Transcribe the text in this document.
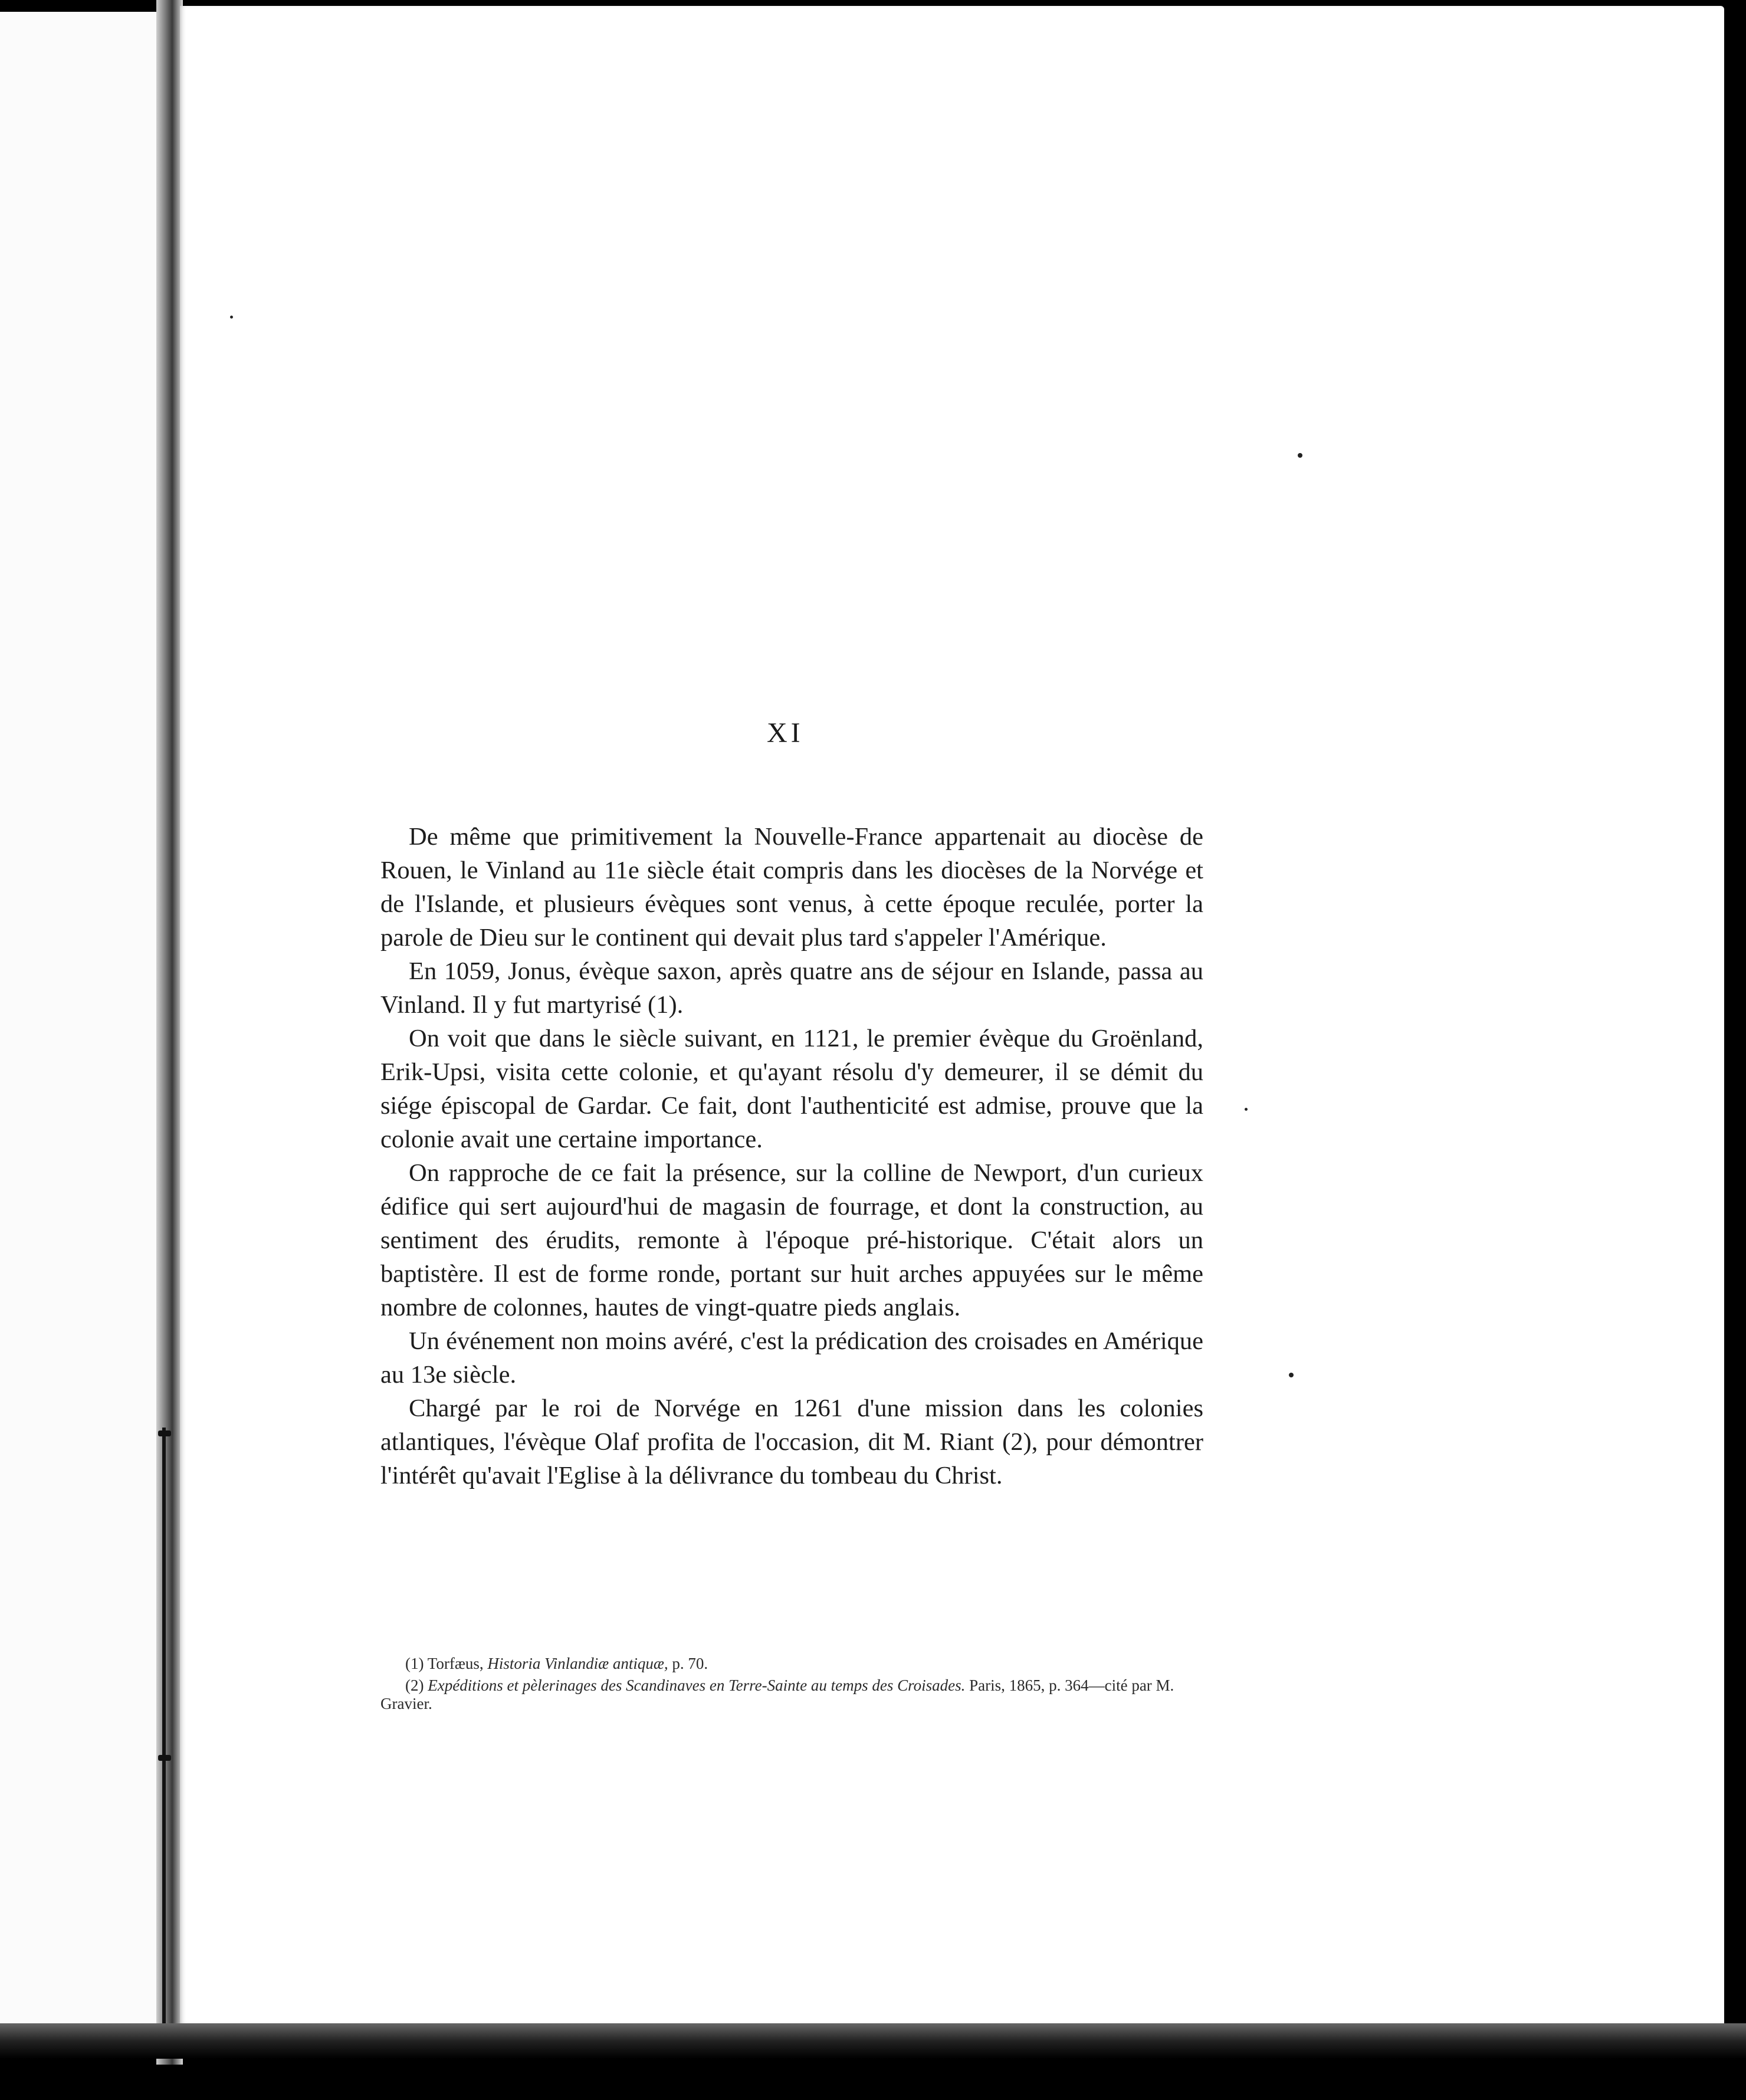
XI

De même que primitivement la Nouvelle-France appartenait au diocèse de Rouen, le Vinland au 11e siècle était compris dans les diocèses de la Norvége et de l'Islande, et plusieurs évèques sont venus, à cette époque reculée, porter la parole de Dieu sur le continent qui devait plus tard s'appeler l'Amérique.

En 1059, Jonus, évèque saxon, après quatre ans de séjour en Islande, passa au Vinland. Il y fut martyrisé (1).

On voit que dans le siècle suivant, en 1121, le premier évèque du Groënland, Erik-Upsi, visita cette colonie, et qu'ayant résolu d'y demeurer, il se démit du siége épiscopal de Gardar. Ce fait, dont l'authenticité est admise, prouve que la colonie avait une certaine importance.

On rapproche de ce fait la présence, sur la colline de Newport, d'un curieux édifice qui sert aujourd'hui de magasin de fourrage, et dont la construction, au sentiment des érudits, remonte à l'époque pré-historique. C'était alors un baptistère. Il est de forme ronde, portant sur huit arches appuyées sur le même nombre de colonnes, hautes de vingt-quatre pieds anglais.

Un événement non moins avéré, c'est la prédication des croisades en Amérique au 13e siècle.

Chargé par le roi de Norvége en 1261 d'une mission dans les colonies atlantiques, l'évèque Olaf profita de l'occasion, dit M. Riant (2), pour démontrer l'intérêt qu'avait l'Eglise à la délivrance du tombeau du Christ.

(1) Torfæus, Historia Vinlandiæ antiquæ, p. 70.

(2) Expéditions et pèlerinages des Scandinaves en Terre-Sainte au temps des Croisades. Paris, 1865, p. 364—cité par M. Gravier.
